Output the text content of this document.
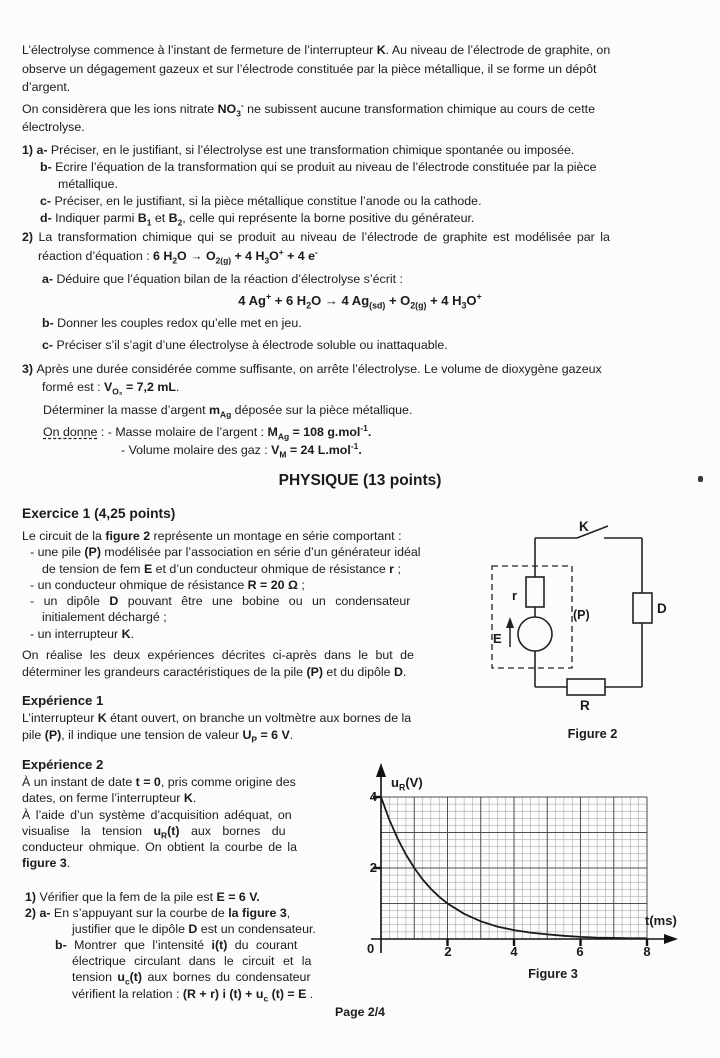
L’électrolyse commence à l’instant de fermeture de l’interrupteur K. Au niveau de l’électrode de graphite, on
observe un dégagement gazeux et sur l’électrode constituée par la pièce métallique, il se forme un dépôt
d’argent.
On considèrera que les ions nitrate $NO_3^-$ ne subissent aucune transformation chimique au cours de cette
électrolyse.
1) a- Préciser, en le justifiant, si l’électrolyse est une transformation chimique spontanée ou imposée.
b- Ecrire l’équation de la transformation qui se produit au niveau de l’électrode constituée par la pièce
métallique.
c- Préciser, en le justifiant, si la pièce métallique constitue l’anode ou la cathode.
d- Indiquer parmi $B_1$ et $B_2$, celle qui représente la borne positive du générateur.
2) La transformation chimique qui se produit au niveau de l’électrode de graphite est modélisée par la
réaction d’équation : 6 $H_2O \to O_{2(g)} + 4$ $H_3O^+ + 4$ e-
a- Déduire que l’équation bilan de la réaction d’électrolyse s’écrit :
4 Ag+ + 6 $H_2O \to 4$ $Ag_{(sd)} + O_{2(g)} + 4$ $H_3O^+$
b- Donner les couples redox qu’elle met en jeu.
c- Préciser s’il s’agit d’une électrolyse à électrode soluble ou inattaquable.
3) Après une durée considérée comme suffisante, on arrête l’électrolyse. Le volume de dioxygène gazeux
formé est : $V_{O_2} = 7,2$ mL.
Déterminer la masse d’argent $m_{Ag}$ déposée sur la pièce métallique.
On donne : - Masse molaire de l’argent : $M_{Ag} = 108$ g.mol$^{-1}$.
- Volume molaire des gaz : $V_M = 24$ L.mol$^{-1}$.
PHYSIQUE (13 points)
Exercice 1 (4,25 points)
Le circuit de la figure 2 représente un montage en série comportant :
- une pile (P) modélisée par l’association en série d’un générateur idéal
de tension de fem E et d’un conducteur ohmique de résistance r ;
- un conducteur ohmique de résistance R = 20 Ω ;
- un dipôle D pouvant être une bobine ou un condensateur
initialement déchargé ;
- un interrupteur K.
On réalise les deux expériences décrites ci-après dans le but de
déterminer les grandeurs caractéristiques de la pile (P) et du dipôle D.
Expérience 1
L’interrupteur K étant ouvert, on branche un voltmètre aux bornes de la
pile (P), il indique une tension de valeur $U_P = 6$ V.
Expérience 2
À un instant de date t = 0, pris comme origine des
dates, on ferme l’interrupteur K.
À l’aide d’un système d’acquisition adéquat, on
visualise la tension $u_R(t)$ aux bornes du
conducteur ohmique. On obtient la courbe de la
figure 3.
1) Vérifier que la fem de la pile est E = 6 V.
2) a- En s’appuyant sur la courbe de la figure 3,
justifier que le dipôle D est un condensateur.
b- Montrer que l’intensité i(t) du courant
électrique circulant dans le circuit et la
tension $u_c(t)$ aux bornes du condensateur
vérifient la relation : (R + r) i $(t) + u_c$ (t) = E .
K
r
E
(P)	D
R
Figure 2
$u_R(V)$
t(ms)
4
2
0	2	4	6	8
Figure 3
Page 2/4
